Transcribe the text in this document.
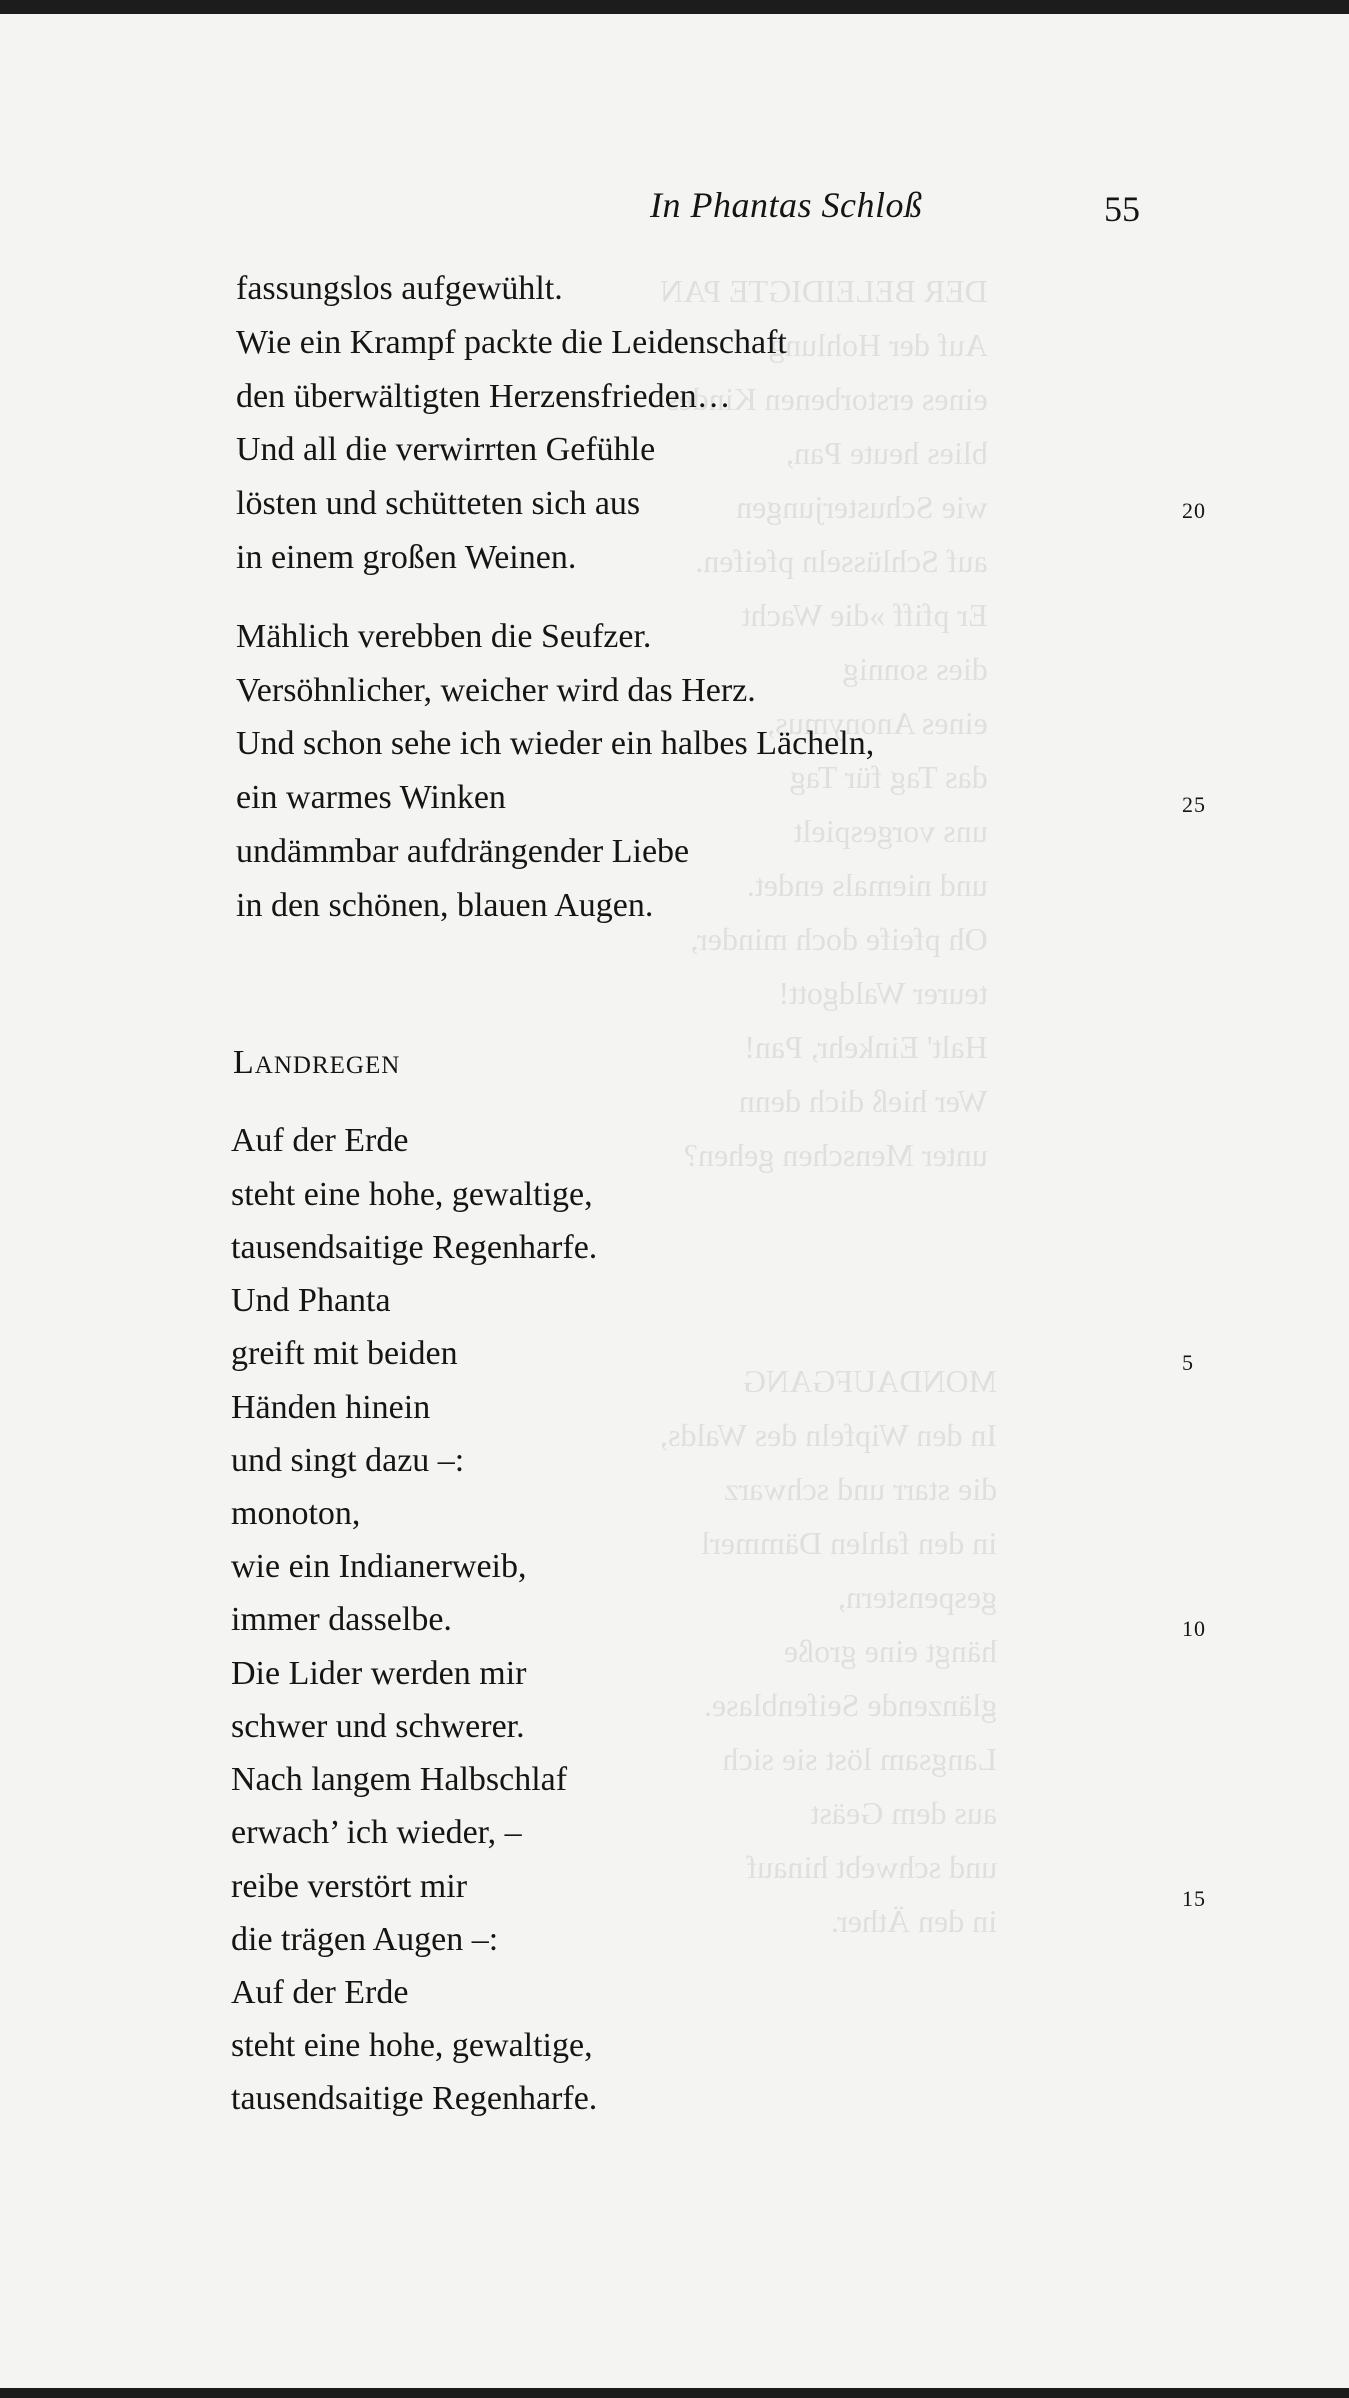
DER BELEIDIGTE PAN
Auf der Hohlung
eines erstorbenen Kindes
blies heute Pan,
wie Schusterjungen
auf Schlüsseln pfeifen.
Er pfiff »die Wacht
dies sonnig
eines Anonymus,
das Tag für Tag
uns vorgespielt
und niemals endet.
Oh pfeife doch minder,
teurer Waldgott!
Halt' Einkehr, Pan!
Wer hieß dich denn
unter Menschen gehen?
MONDAUFGANG
In den Wipfeln des Walds,
die starr und schwarz
in den fahlen Dämmerl
gespenstern,
hängt eine große
glänzende Seifenblase.
Langsam löst sie sich
aus dem Geäst
und schwebt hinauf
in den Äther.
In Phantas Schloß	55
fassungslos aufgewühlt.
Wie ein Krampf packte die Leidenschaft
den überwältigten Herzensfrieden…
Und all die verwirrten Gefühle
lösten und schütteten sich aus
in einem großen Weinen.
Mählich verebben die Seufzer.
Versöhnlicher, weicher wird das Herz.
Und schon sehe ich wieder ein halbes Lächeln,
ein warmes Winken
undämmbar aufdrängender Liebe
in den schönen, blauen Augen.
LANDREGEN
Auf der Erde
steht eine hohe, gewaltige,
tausendsaitige Regenharfe.
Und Phanta
greift mit beiden
Händen hinein
und singt dazu –:
monoton,
wie ein Indianerweib,
immer dasselbe.
Die Lider werden mir
schwer und schwerer.
Nach langem Halbschlaf
erwach’ ich wieder, –
reibe verstört mir
die trägen Augen –:
Auf der Erde
steht eine hohe, gewaltige,
tausendsaitige Regenharfe.
20
25
5
10
15
